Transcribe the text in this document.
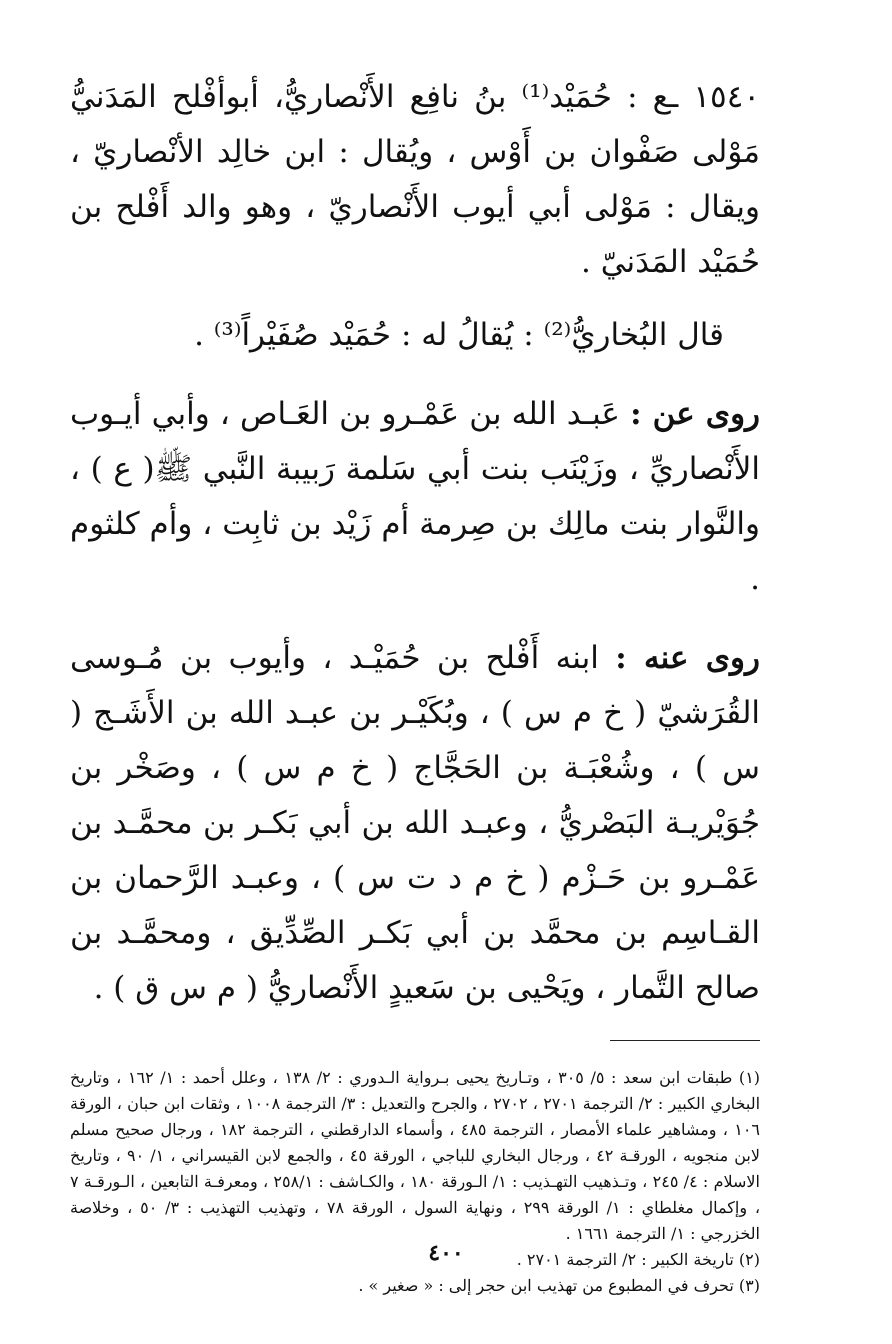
١٥٤٠ ـع : حُمَيْد⁽¹⁾ بنُ نافِع الأَنْصاريُّ، أبوأفْلح المَدَنيُّ مَوْلى صَفْوان بن أَوْس ، ويُقال : ابن خالِد الأنْصاريّ ، ويقال : مَوْلى أبي أيوب الأَنْصاريّ ، وهو والد أَفْلح بن حُمَيْد المَدَنيّ .

قال البُخاريُّ⁽²⁾ : يُقالُ له : حُمَيْد صُفَيْراً⁽³⁾ .

روى عن : عَبـد الله بن عَمْـرو بن العَـاص ، وأبي أيـوب الأَنْصاريِّ ، وزَيْنَب بنت أبي سَلمة رَبيبة النَّبي ﷺ( ع ) ، والنَّوار بنت مالِك بن صِرمة أم زَيْد بن ثابِت ، وأم كلثوم .

روى عنه : ابنه أَفْلح بن حُمَيْـد ، وأيوب بن مُـوسى القُرَشيّ ( خ م س ) ، وبُكَيْـر بن عبـد الله بن الأَشَـج ( س ) ، وشُعْبَـة بن الحَجَّاج ( خ م س ) ، وصَخْر بن جُوَيْريـة البَصْريُّ ، وعبـد الله بن أبي بَكـر بن محمَّـد بن عَمْـرو بن حَـزْم ( خ م د ت س ) ، وعبـد الرَّحمان بن القـاسِم بن محمَّد بن أبي بَكـر الصِّدِّيق ، ومحمَّـد بن صالح التَّمار ، ويَحْيى بن سَعيدٍ الأَنْصاريُّ ( م س ق ) .

(١) طبقات ابن سعد : ٥/ ٣٠٥ ، وتـاريخ يحيى بـرواية الـدوري : ٢/ ١٣٨ ، وعلل أحمد : ١/ ١٦٢ ، وتاريخ البخاري الكبير : ٢/ الترجمة ٢٧٠١ ، ٢٧٠٢ ، والجرح والتعديل : ٣/ الترجمة ١٠٠٨ ، وثقات ابن حبان ، الورقة ١٠٦ ، ومشاهير علماء الأمصار ، الترجمة ٤٨٥ ، وأسماء الدارقطني ، الترجمة ١٨٢ ، ورجال صحيح مسلم لابن منجويه ، الورقـة ٤٢ ، ورجال البخاري للباجي ، الورقة ٤٥ ، والجمع لابن القيسراني ، ١/ ٩٠ ، وتاريخ الاسلام : ٤/ ٢٤٥ ، وتـذهيب التهـذيب : ١/ الـورقة ١٨٠ ، والكـاشف : ٢٥٨/١ ، ومعرفـة التابعين ، الـورقـة ٧ ، وإكمال مغلطاي : ١/ الورقة ٢٩٩ ، ونهاية السول ، الورقة ٧٨ ، وتهذيب التهذيب : ٣/ ٥٠ ، وخلاصة الخزرجي : ١/ الترجمة ١٦٦١ .

(٢) تاريخة الكبير : ٢/ الترجمة ٢٧٠١ .

(٣) تحرف في المطبوع من تهذيب ابن حجر إلى : « صغير » .

٤٠٠
